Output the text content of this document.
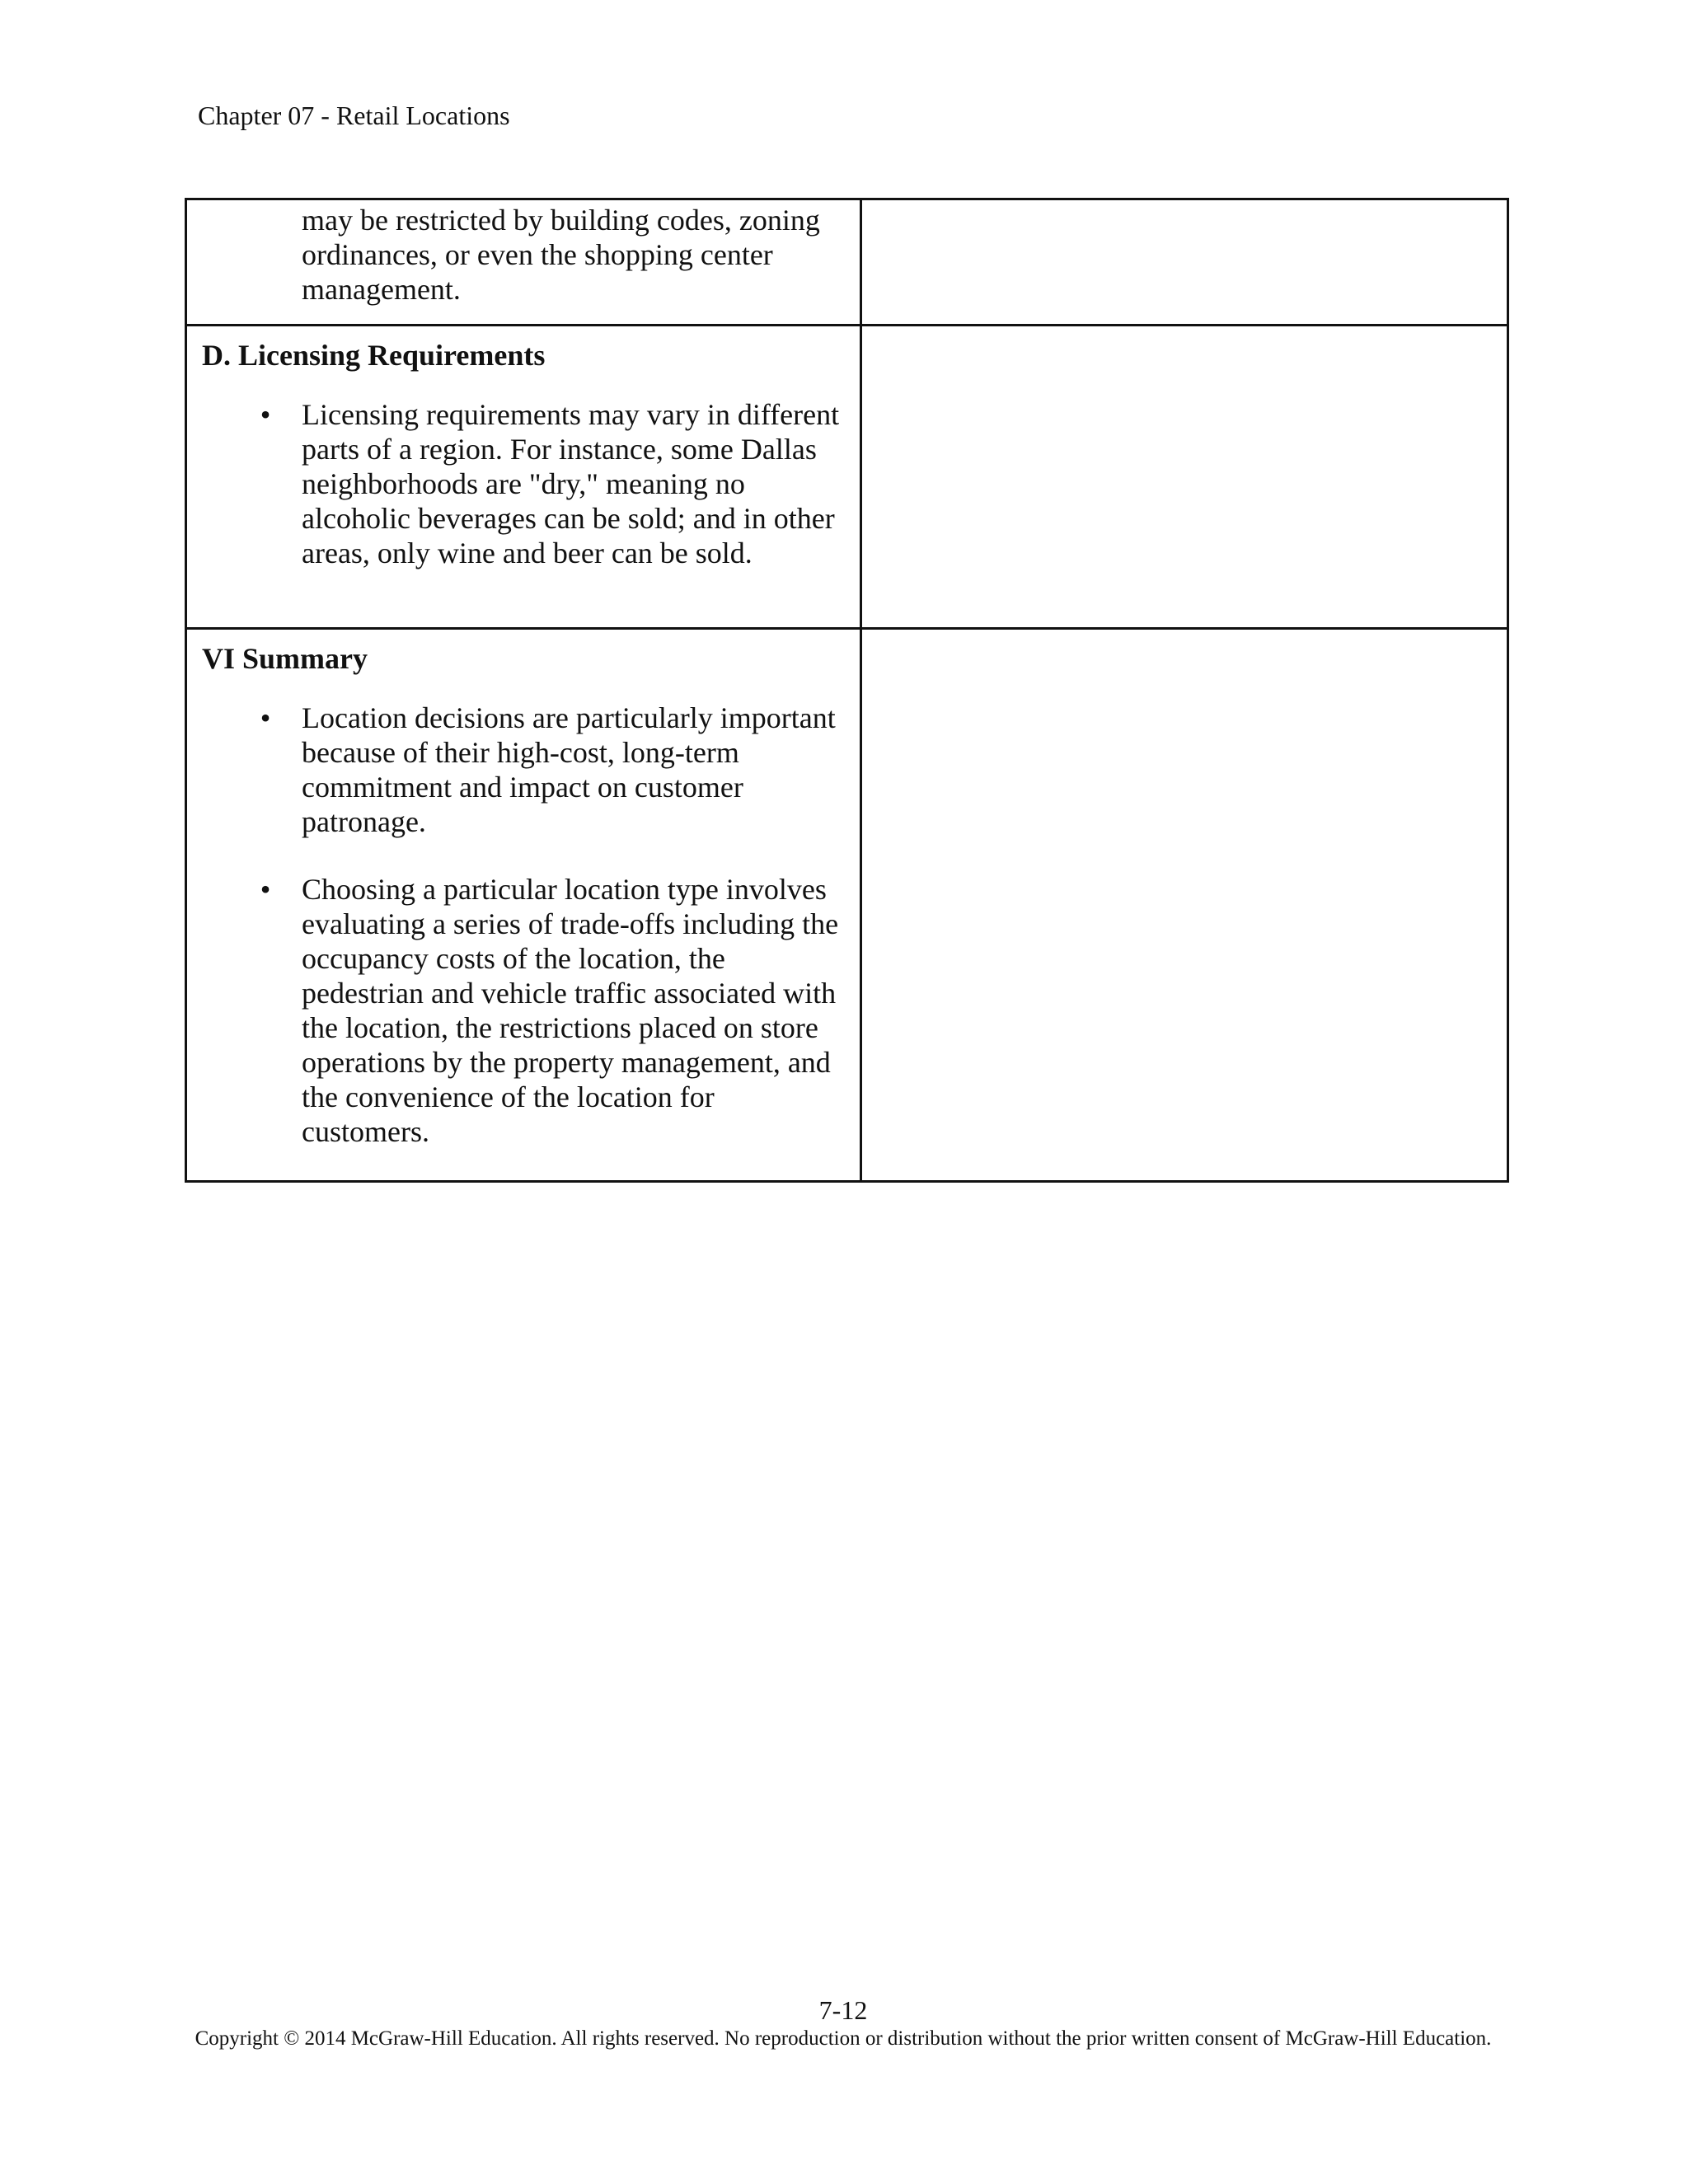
Chapter 07 - Retail Locations
may be restricted by building codes, zoning ordinances, or even the shopping center management.	

D. Licensing Requirements
• Licensing requirements may vary in different parts of a region. For instance, some Dallas neighborhoods are "dry," meaning no alcoholic beverages can be sold; and in other areas, only wine and beer can be sold.	

VI Summary
• Location decisions are particularly important because of their high-cost, long-term commitment and impact on customer patronage.
• Choosing a particular location type involves evaluating a series of trade-offs including the occupancy costs of the location, the pedestrian and vehicle traffic associated with the location, the restrictions placed on store operations by the property management, and the convenience of the location for customers.	

7-12
Copyright © 2014 McGraw-Hill Education. All rights reserved. No reproduction or distribution without the prior written consent of McGraw-Hill Education.
